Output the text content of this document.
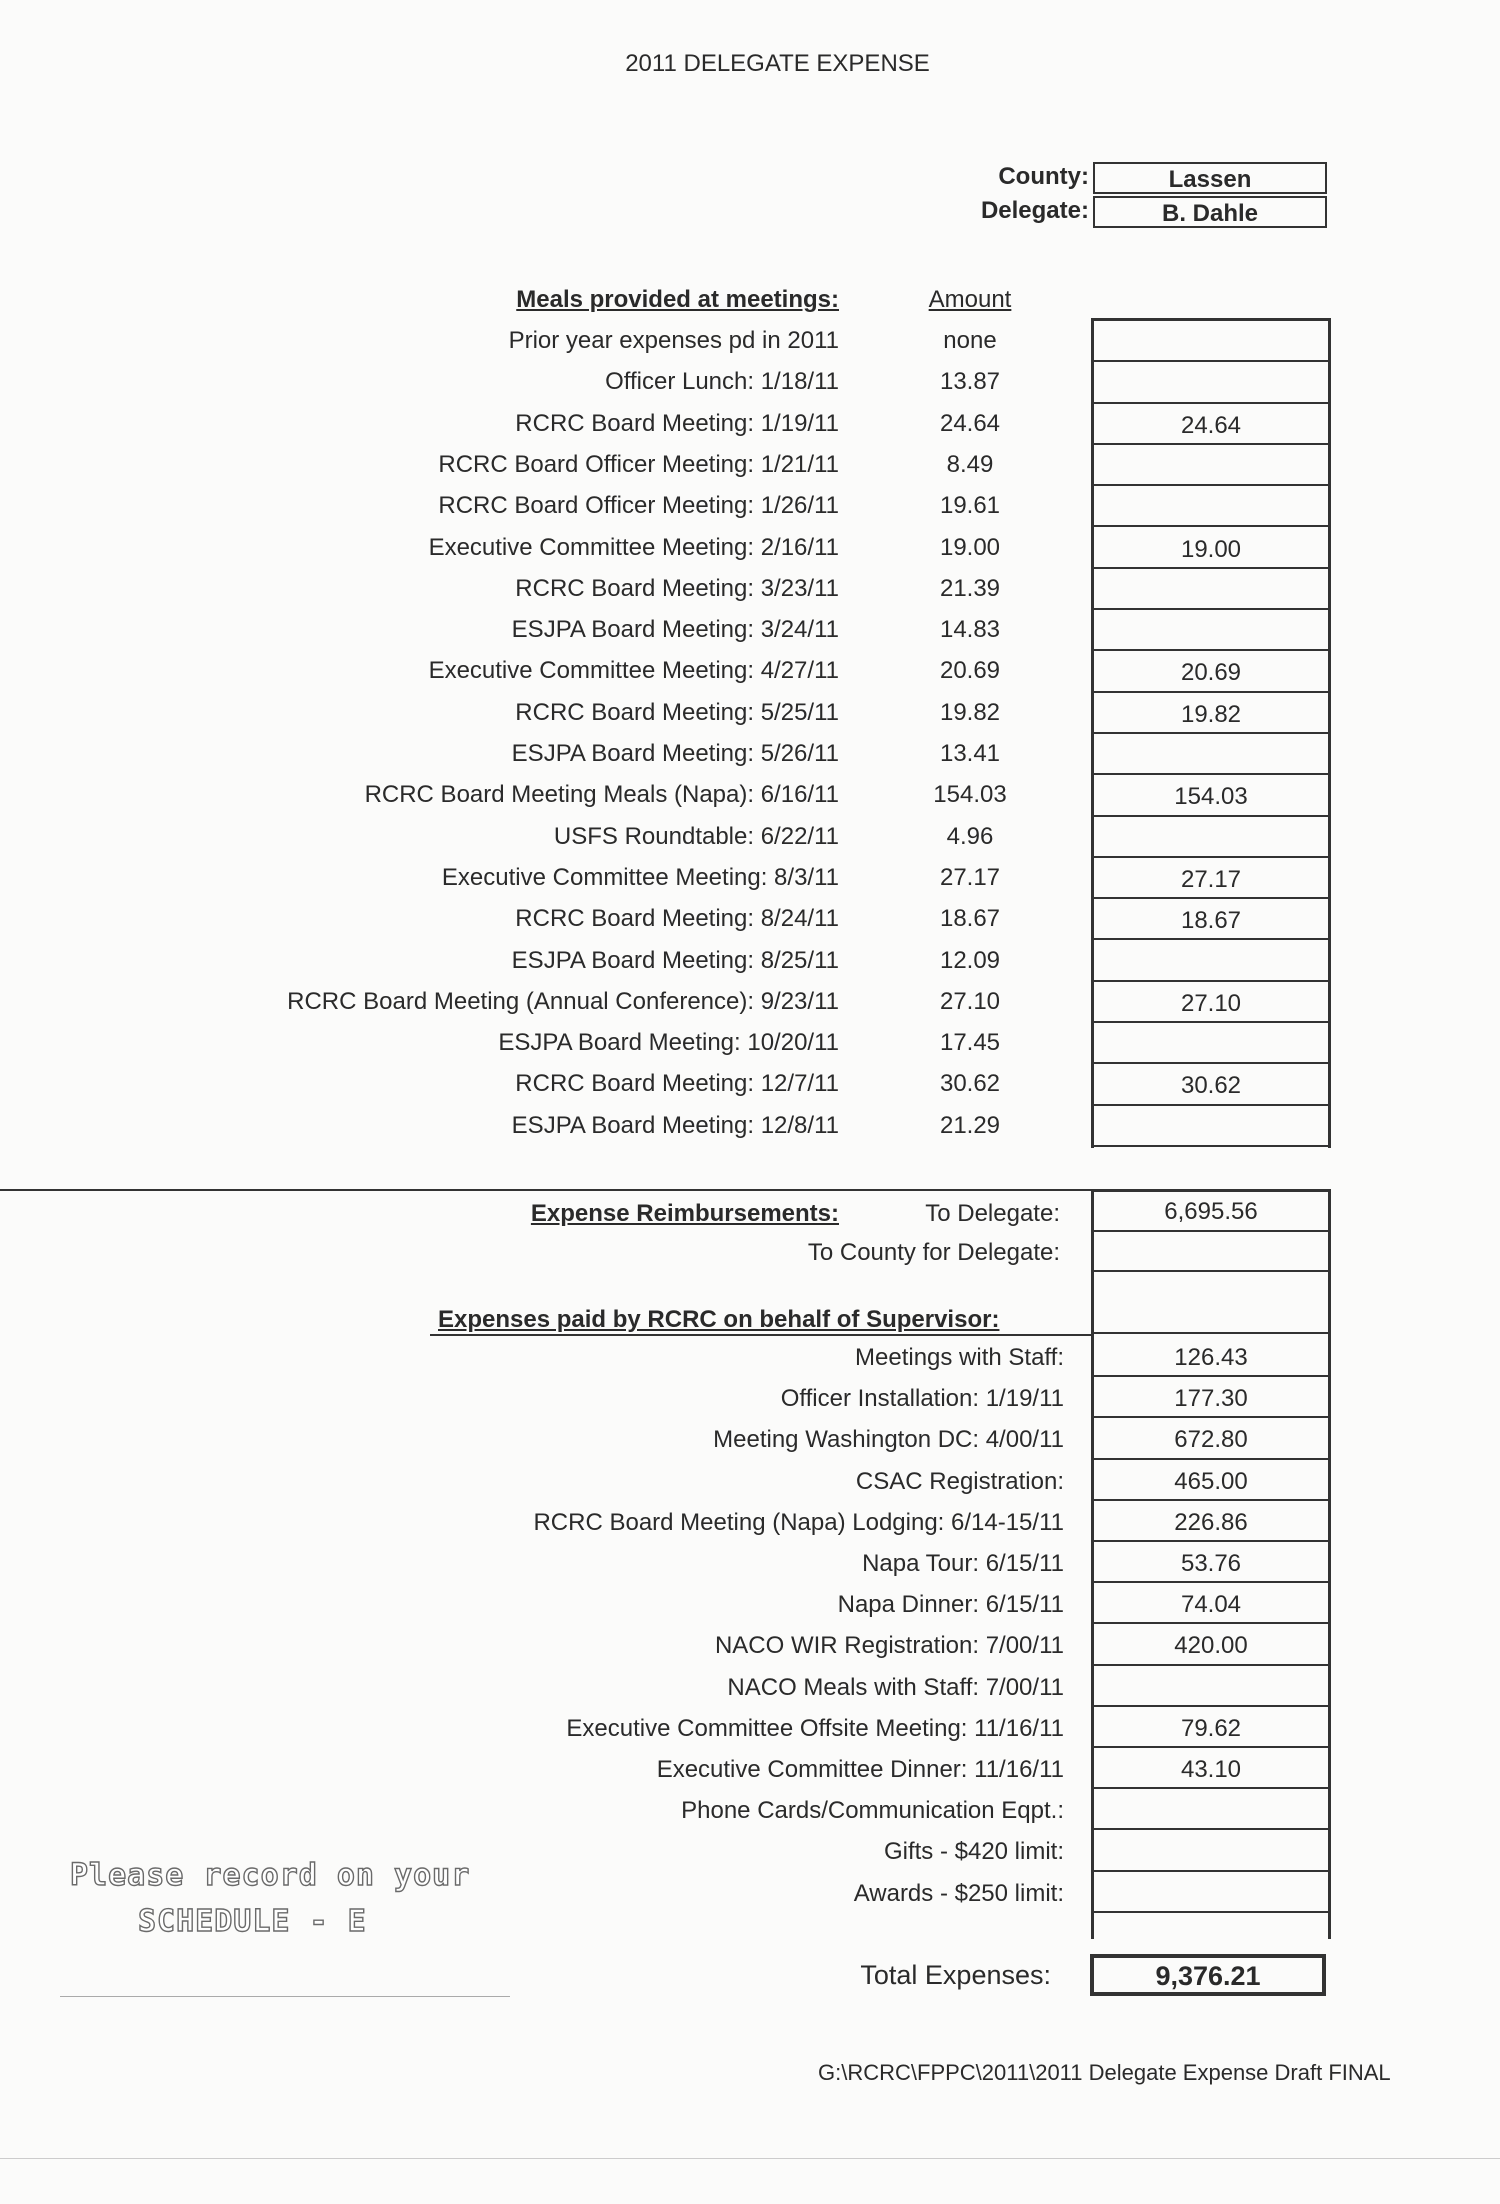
2011 DELEGATE EXPENSE
County:	Lassen
Delegate:	B. Dahle
Meals provided at meetings:	Amount
Prior year expenses pd in 2011	none
Officer Lunch: 1/18/11	13.87
RCRC Board Meeting: 1/19/11	24.64	24.64
RCRC Board Officer Meeting: 1/21/11	8.49
RCRC Board Officer Meeting: 1/26/11	19.61
Executive Committee Meeting: 2/16/11	19.00	19.00
RCRC Board Meeting: 3/23/11	21.39
ESJPA Board Meeting: 3/24/11	14.83
Executive Committee Meeting: 4/27/11	20.69	20.69
RCRC Board Meeting: 5/25/11	19.82	19.82
ESJPA Board Meeting: 5/26/11	13.41
RCRC Board Meeting Meals (Napa): 6/16/11	154.03	154.03
USFS Roundtable: 6/22/11	4.96
Executive Committee Meeting: 8/3/11	27.17	27.17
RCRC Board Meeting: 8/24/11	18.67	18.67
ESJPA Board Meeting: 8/25/11	12.09
RCRC Board Meeting (Annual Conference): 9/23/11	27.10	27.10
ESJPA Board Meeting: 10/20/11	17.45
RCRC Board Meeting: 12/7/11	30.62	30.62
ESJPA Board Meeting: 12/8/11	21.29
Expense Reimbursements:	To Delegate:	6,695.56
To County for Delegate:
Expenses paid by RCRC on behalf of Supervisor:
Meetings with Staff:	126.43
Officer Installation: 1/19/11	177.30
Meeting Washington DC: 4/00/11	672.80
CSAC Registration:	465.00
RCRC Board Meeting (Napa) Lodging: 6/14-15/11	226.86
Napa Tour: 6/15/11	53.76
Napa Dinner: 6/15/11	74.04
NACO WIR Registration: 7/00/11	420.00
NACO Meals with Staff: 7/00/11
Executive Committee Offsite Meeting: 11/16/11	79.62
Executive Committee Dinner: 11/16/11	43.10
Phone Cards/Communication Eqpt.:
Gifts - $420 limit:
Awards - $250 limit:
Total Expenses:	9,376.21
Please record on your
SCHEDULE - E
G:\RCRC\FPPC\2011\2011 Delegate Expense Draft FINAL
